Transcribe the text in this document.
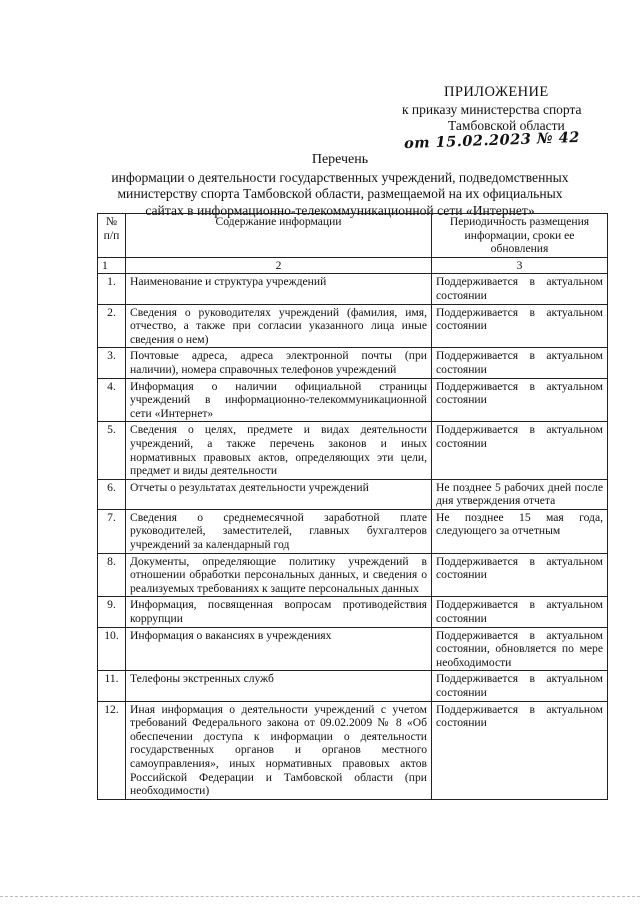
ПРИЛОЖЕНИЕ
к приказу министерства спорта
Тамбовской области
от 15.02.2023 № 42
Перечень
информации о деятельности государственных учреждений, подведомственных
министерству спорта Тамбовской области, размещаемой на их официальных
сайтах в информационно-телекоммуникационной сети «Интернет»
№ п/п	Содержание информации	Периодичность размещения информации, сроки ее обновления
1	2	3
1.	Наименование и структура учреждений	Поддерживается в актуальном состоянии
2.	Сведения о руководителях учреждений (фамилия, имя, отчество, а также при согласии указанного лица иные сведения о нем)	Поддерживается в актуальном состоянии
3.	Почтовые адреса, адреса электронной почты (при наличии), номера справочных телефонов учреждений	Поддерживается в актуальном состоянии
4.	Информация о наличии официальной страницы учреждений в информационно-телекоммуникационной сети «Интернет»	Поддерживается в актуальном состоянии
5.	Сведения о целях, предмете и видах деятельности учреждений, а также перечень законов и иных нормативных правовых актов, определяющих эти цели, предмет и виды деятельности	Поддерживается в актуальном состоянии
6.	Отчеты о результатах деятельности учреждений	Не позднее 5 рабочих дней после дня утверждения отчета
7.	Сведения о среднемесячной заработной плате руководителей, заместителей, главных бухгалтеров учреждений за календарный год	Не позднее 15 мая года, следующего за отчетным
8.	Документы, определяющие политику учреждений в отношении обработки персональных данных, и сведения о реализуемых требованиях к защите персональных данных	Поддерживается в актуальном состоянии
9.	Информация, посвященная вопросам противодействия коррупции	Поддерживается в актуальном состоянии
10.	Информация о вакансиях в учреждениях	Поддерживается в актуальном состоянии, обновляется по мере необходимости
11.	Телефоны экстренных служб	Поддерживается в актуальном состоянии
12.	Иная информация о деятельности учреждений с учетом требований Федерального закона от 09.02.2009 № 8 «Об обеспечении доступа к информации о деятельности государственных органов и органов местного самоуправления», иных нормативных правовых актов Российской Федерации и Тамбовской области (при необходимости)	Поддерживается в актуальном состоянии
